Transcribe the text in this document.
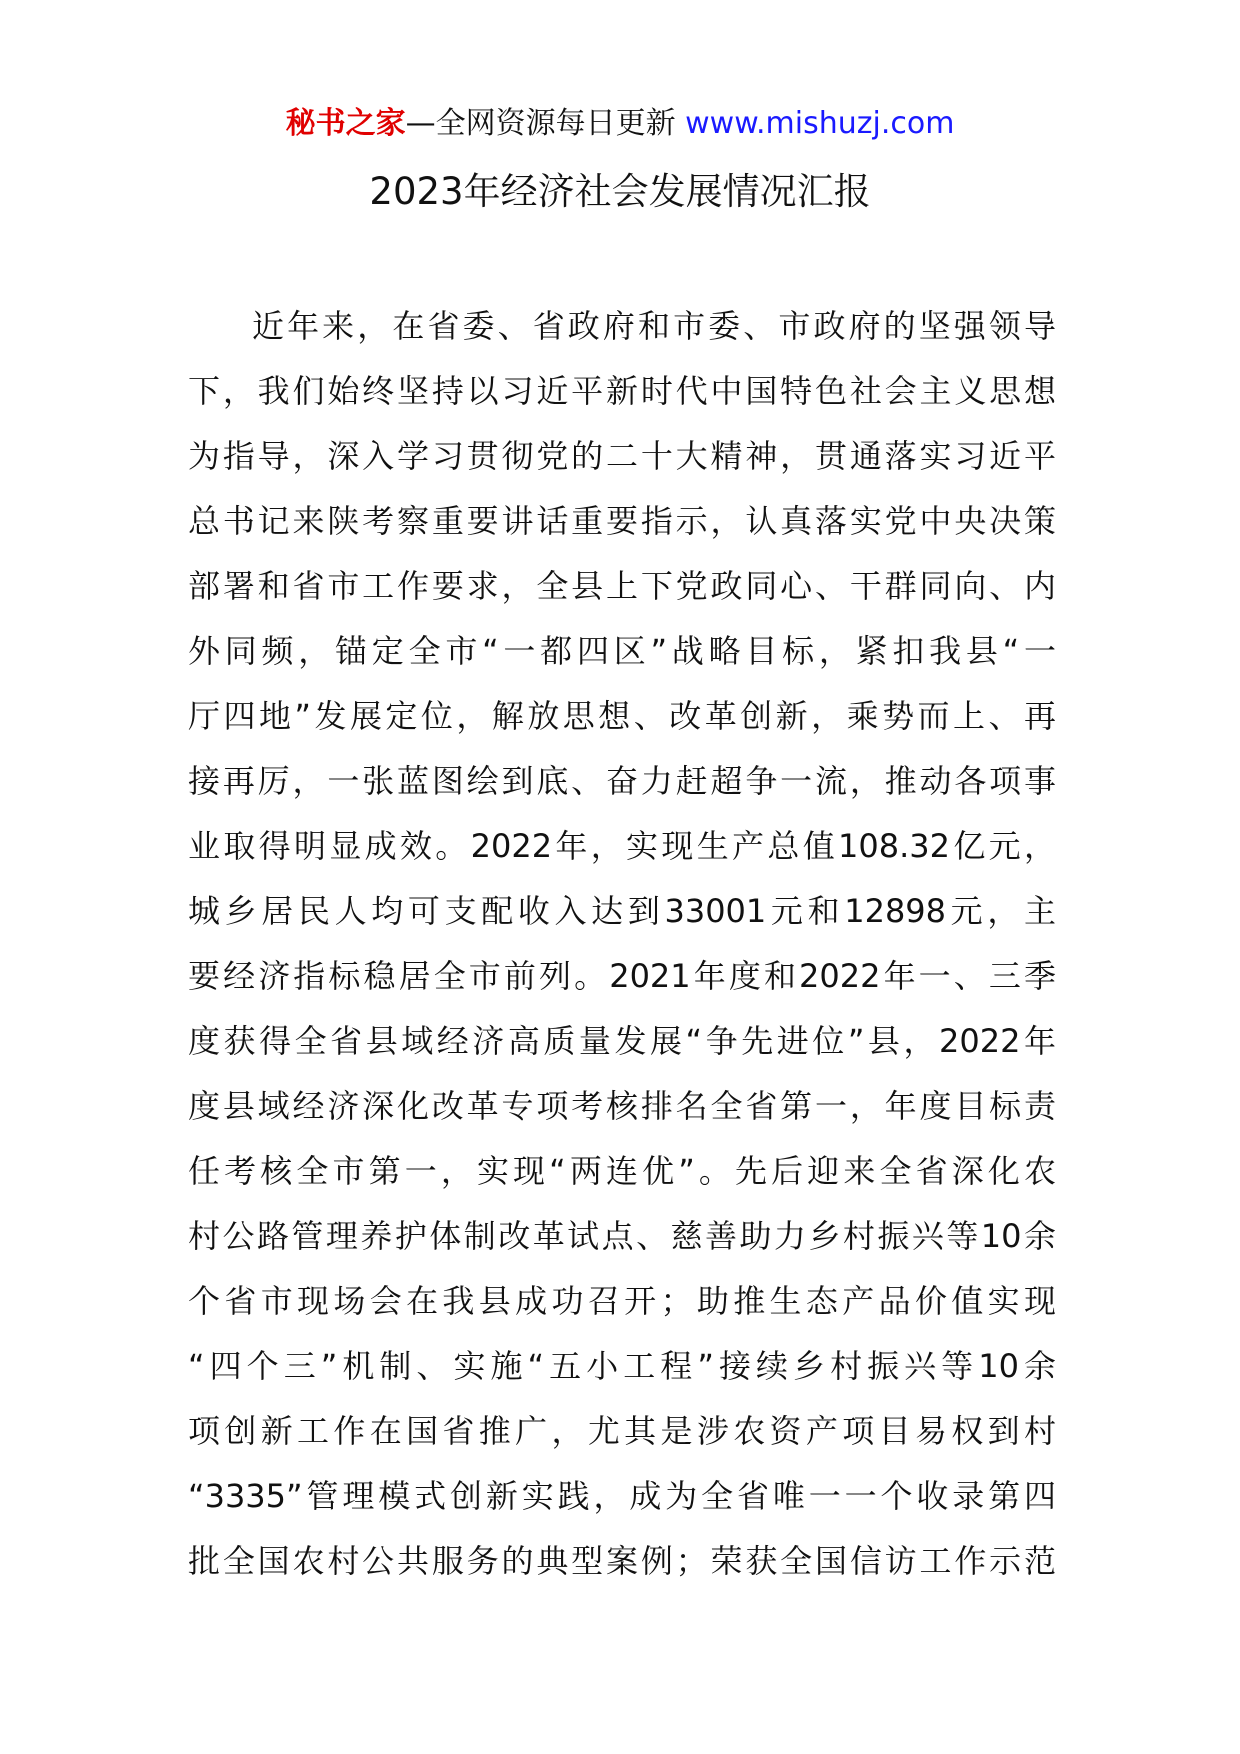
秘书之家—全网资源每日更新 www.mishuzj.com
2023年经济社会发展情况汇报
近年来，在省委、省政府和市委、市政府的坚强领导
下，我们始终坚持以习近平新时代中国特色社会主义思想
为指导，深入学习贯彻党的二十大精神，贯通落实习近平
总书记来陕考察重要讲话重要指示，认真落实党中央决策
部署和省市工作要求，全县上下党政同心、干群同向、内
外同频，锚定全市“一都四区”战略目标，紧扣我县“一
厅四地”发展定位，解放思想、改革创新，乘势而上、再
接再厉，一张蓝图绘到底、奋力赶超争一流，推动各项事
业取得明显成效。2022年，实现生产总值108.32亿元，
城乡居民人均可支配收入达到33001元和12898元，主
要经济指标稳居全市前列。2021年度和2022年一、三季
度获得全省县域经济高质量发展“争先进位”县，2022年
度县域经济深化改革专项考核排名全省第一，年度目标责
任考核全市第一，实现“两连优”。先后迎来全省深化农
村公路管理养护体制改革试点、慈善助力乡村振兴等10余
个省市现场会在我县成功召开；助推生态产品价值实现
“四个三”机制、实施“五小工程”接续乡村振兴等10余
项创新工作在国省推广，尤其是涉农资产项目易权到村
“3335”管理模式创新实践，成为全省唯一一个收录第四
批全国农村公共服务的典型案例；荣获全国信访工作示范
